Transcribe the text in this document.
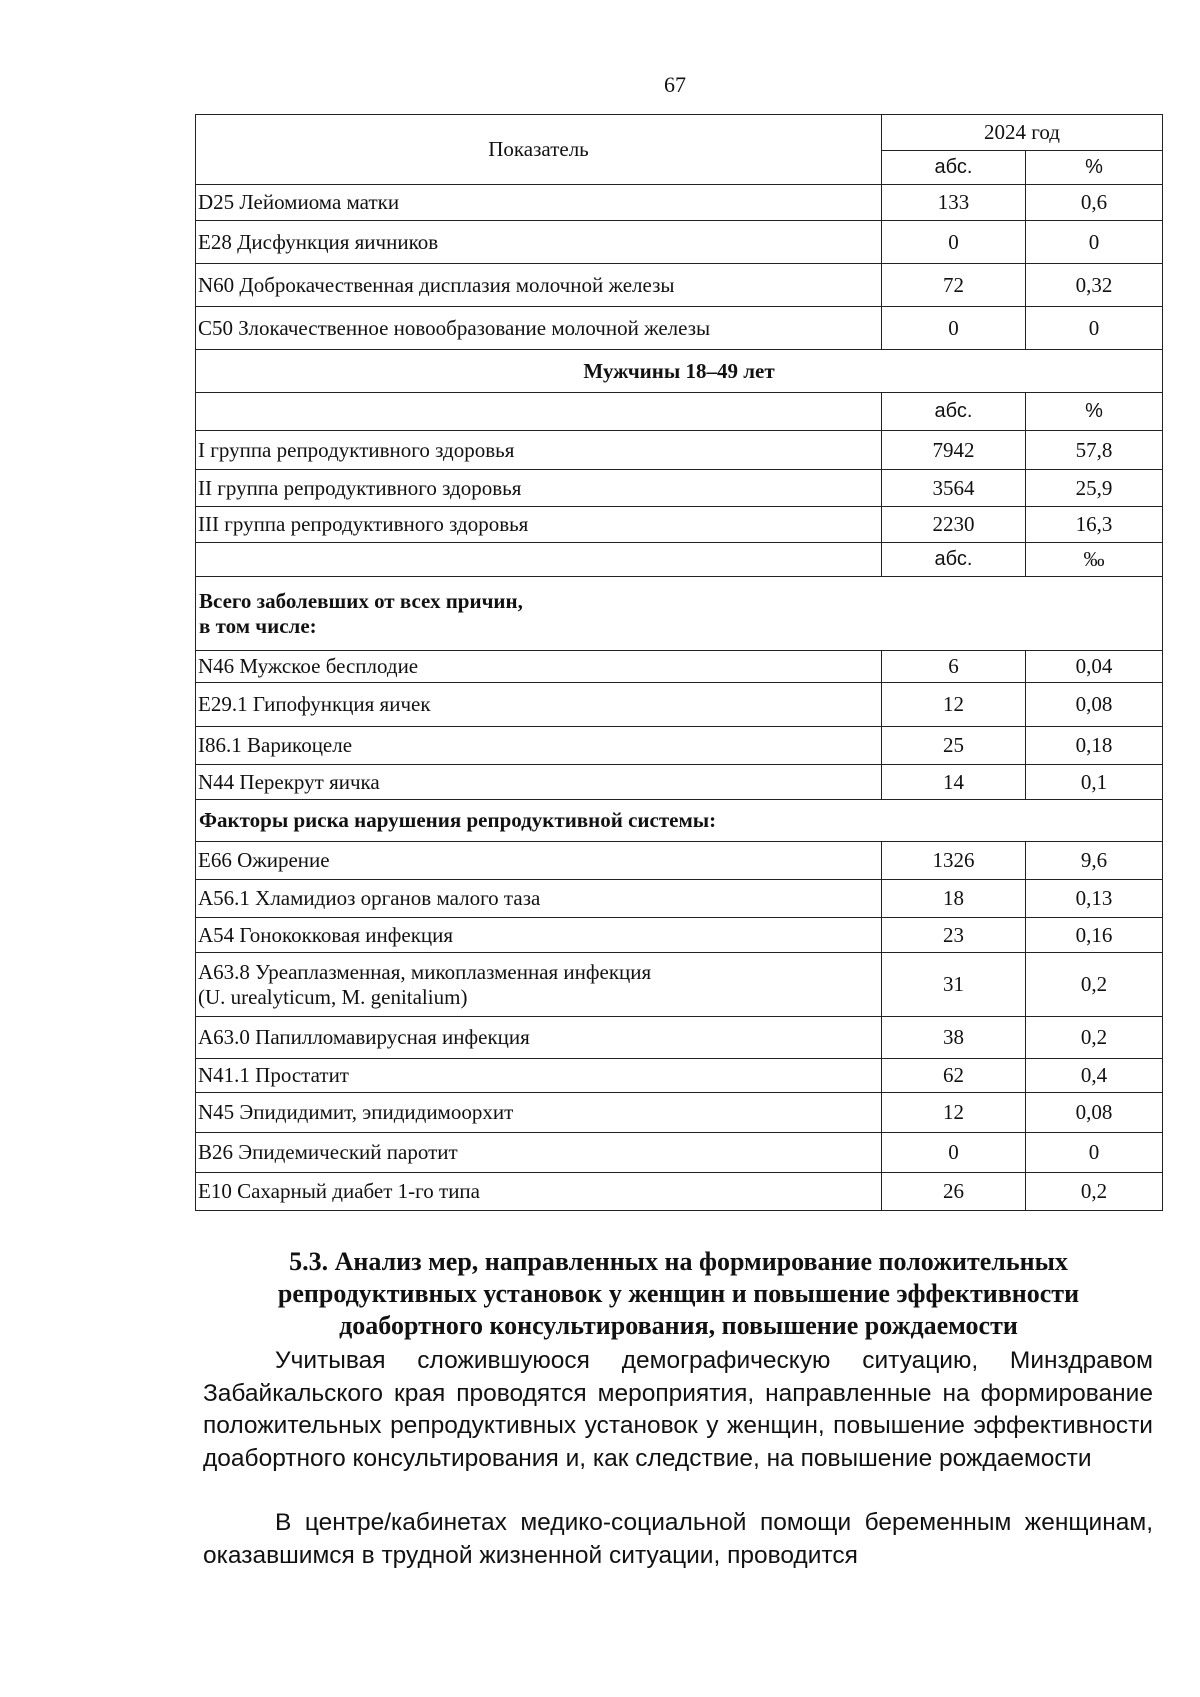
67
Показатель	2024 год	
	абс.	%
D25 Лейомиома матки	133	0,6
E28 Дисфункция яичников	0	0
N60 Доброкачественная дисплазия молочной железы	72	0,32
C50 Злокачественное новообразование молочной железы	0	0
Мужчины 18–49 лет		
	абс.	%
I группа репродуктивного здоровья	7942	57,8
II группа репродуктивного здоровья	3564	25,9
III группа репродуктивного здоровья	2230	16,3
	абс.	‰

Всего заболевших от всех причин,
в том числе:		

N46 Мужское бесплодие	6	0,04
E29.1 Гипофункция яичек	12	0,08
I86.1 Варикоцеле	25	0,18
N44 Перекрут яичка	14	0,1
Факторы риска нарушения репродуктивной системы:		
E66 Ожирение	1326	9,6
A56.1 Хламидиоз органов малого таза	18	0,13
A54 Гонококковая инфекция	23	0,16

A63.8 Уреаплазменная, микоплазменная инфекция
(U. urealyticum, M. genitalium)	31	0,2
A63.0 Папилломавирусная инфекция	38	0,2
N41.1 Простатит	62	0,4
N45 Эпидидимит, эпидидимоорхит	12	0,08
B26 Эпидемический паротит	0	0
E10 Сахарный диабет 1-го типа	26	0,2
5.3. Анализ мер, направленных на формирование положительных
репродуктивных установок у женщин и повышение эффективности
доабортного консультирования, повышение рождаемости
Учитывая сложившуюося демографическую ситуацию, Минздравом Забайкальского края проводятся мероприятия, направленные на формирование положительных репродуктивных установок у женщин, повышение эффективности доабортного консультирования и, как следствие, на повышение рождаемости
В центре/кабинетах медико-социальной помощи беременным женщинам, оказавшимся в трудной жизненной ситуации, проводится
